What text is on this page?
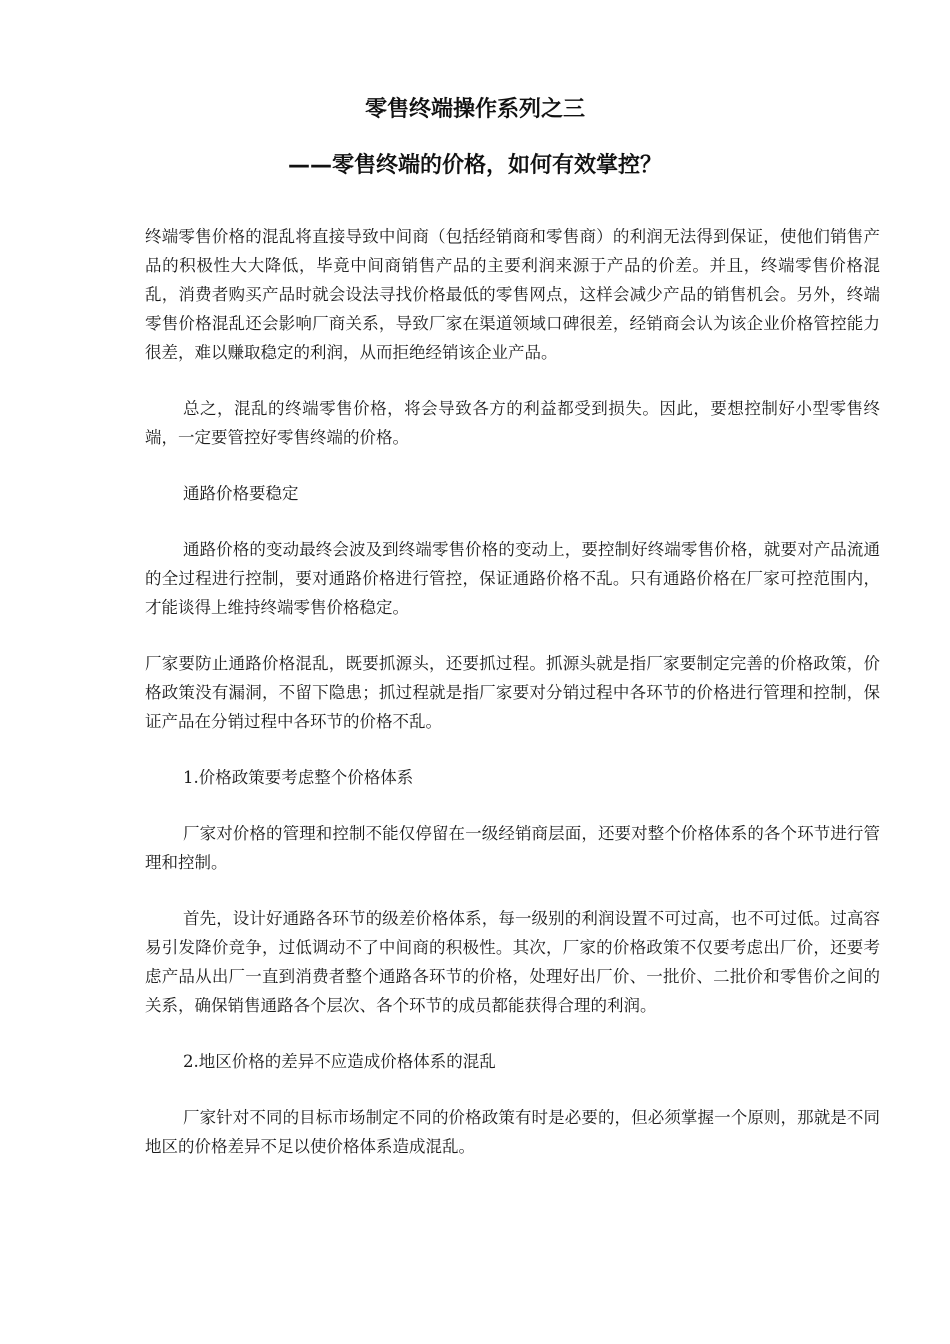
零售终端操作系列之三
——零售终端的价格，如何有效掌控？

终端零售价格的混乱将直接导致中间商（包括经销商和零售商）的利润无法得到保证，使他们销售产品的积极性大大降低，毕竟中间商销售产品的主要利润来源于产品的价差。并且，终端零售价格混乱，消费者购买产品时就会设法寻找价格最低的零售网点，这样会减少产品的销售机会。另外，终端零售价格混乱还会影响厂商关系，导致厂家在渠道领域口碑很差，经销商会认为该企业价格管控能力很差，难以赚取稳定的利润，从而拒绝经销该企业产品。

总之，混乱的终端零售价格，将会导致各方的利益都受到损失。因此，要想控制好小型零售终端，一定要管控好零售终端的价格。

通路价格要稳定

通路价格的变动最终会波及到终端零售价格的变动上，要控制好终端零售价格，就要对产品流通的全过程进行控制，要对通路价格进行管控，保证通路价格不乱。只有通路价格在厂家可控范围内，才能谈得上维持终端零售价格稳定。

厂家要防止通路价格混乱，既要抓源头，还要抓过程。抓源头就是指厂家要制定完善的价格政策，价格政策没有漏洞，不留下隐患；抓过程就是指厂家要对分销过程中各环节的价格进行管理和控制，保证产品在分销过程中各环节的价格不乱。

1.价格政策要考虑整个价格体系

厂家对价格的管理和控制不能仅停留在一级经销商层面，还要对整个价格体系的各个环节进行管理和控制。

首先，设计好通路各环节的级差价格体系，每一级别的利润设置不可过高，也不可过低。过高容易引发降价竞争，过低调动不了中间商的积极性。其次，厂家的价格政策不仅要考虑出厂价，还要考虑产品从出厂一直到消费者整个通路各环节的价格，处理好出厂价、一批价、二批价和零售价之间的关系，确保销售通路各个层次、各个环节的成员都能获得合理的利润。

2.地区价格的差异不应造成价格体系的混乱

厂家针对不同的目标市场制定不同的价格政策有时是必要的，但必须掌握一个原则，那就是不同地区的价格差异不足以使价格体系造成混乱。
